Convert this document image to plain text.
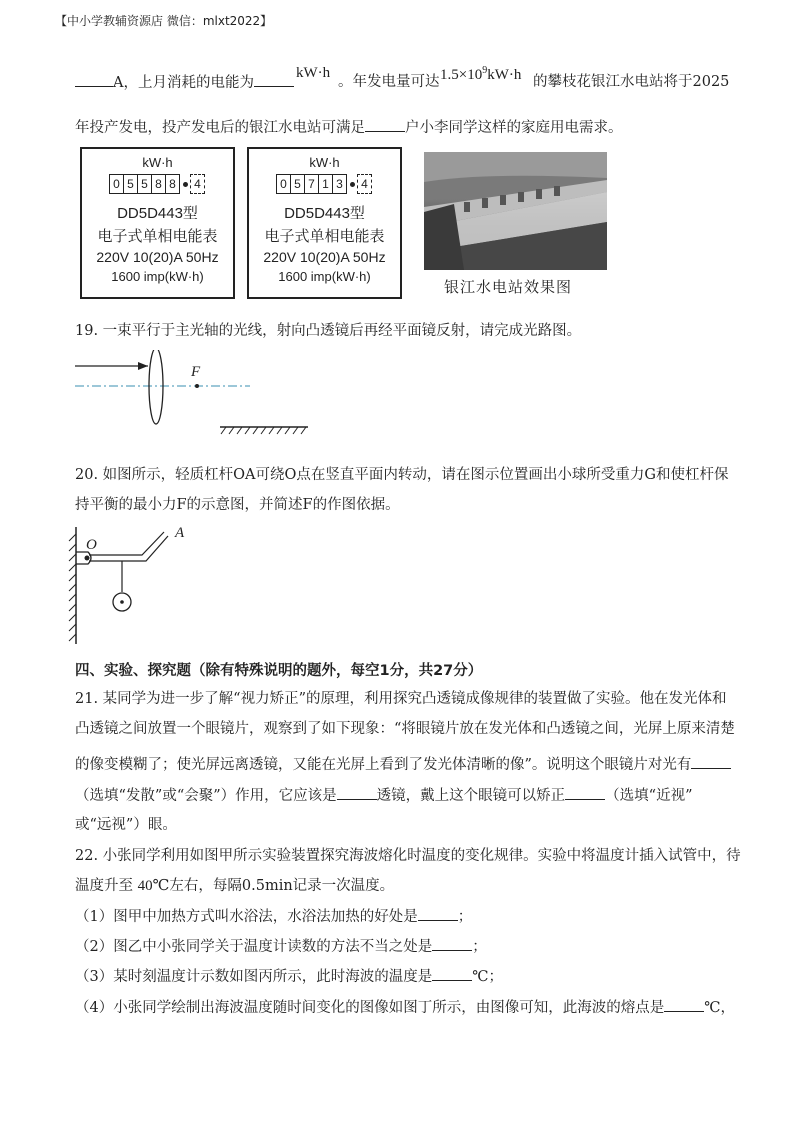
【中小学教辅资源店 微信：mlxt2022】
A，上月消耗的电能为
kW·h
。年发电量可达 $1.5\times 10^9kW\cdot h$ 的攀枝花银江水电站将于2025
年投产发电，投产发电后的银江水电站可满足	户小李同学这样的家庭用电需求。
kW·h
0 5 5 8 8	4
DD5D443型
电子式单相电能表
220V 10(20)A 50Hz
1600 imp(kW·h)
kW·h
0 5 7 1 3	4
DD5D443型
电子式单相电能表
220V 10(20)A 50Hz
1600 imp(kW·h)
银江水电站效果图
19. 一束平行于主光轴的光线，射向凸透镜后再经平面镜反射，请完成光路图。
F
20. 如图所示，轻质杠杆OA可绕O点在竖直平面内转动，请在图示位置画出小球所受重力G和使杠杆保
持平衡的最小力F的示意图，并简述F的作图依据。
O
A
四、实验、探究题（除有特殊说明的题外，每空1分，共27分）
21. 某同学为进一步了解“视力矫正”的原理，利用探究凸透镜成像规律的装置做了实验。他在发光体和
凸透镜之间放置一个眼镜片，观察到了如下现象：“将眼镜片放在发光体和凸透镜之间，光屏上原来清楚
的像变模糊了；使光屏远离透镜，又能在光屏上看到了发光体清晰的像”。说明这个眼镜片对光有
（选填“发散”或“会聚”）作用，它应该是	透镜，戴上这个眼镜可以矫正	（选填“近视”
或“远视”）眼。
22. 小张同学利用如图甲所示实验装置探究海波熔化时温度的变化规律。实验中将温度计插入试管中，待
温度升至 40℃左右，每隔0.5min记录一次温度。
（1）图甲中加热方式叫水浴法，水浴法加热的好处是	；
（2）图乙中小张同学关于温度计读数的方法不当之处是	；
（3）某时刻温度计示数如图丙所示，此时海波的温度是	℃；
（4）小张同学绘制出海波温度随时间变化的图像如图丁所示，由图像可知，此海波的熔点是	℃，
